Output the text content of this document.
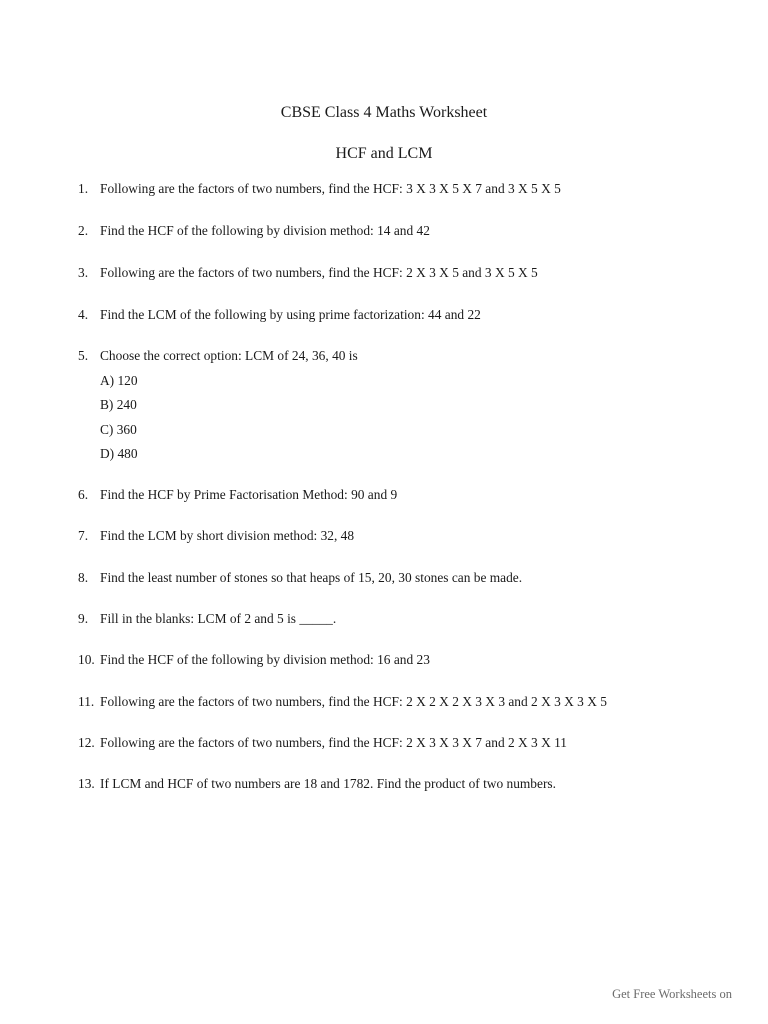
CBSE Class 4 Maths Worksheet
HCF and LCM
1. Following are the factors of two numbers, find the HCF: 3 X 3 X 5 X 7 and 3 X 5 X 5
2. Find the HCF of the following by division method: 14 and 42
3. Following are the factors of two numbers, find the HCF: 2 X 3 X 5 and 3 X 5 X 5
4. Find the LCM of the following by using prime factorization: 44 and 22
5. Choose the correct option: LCM of 24, 36, 40 is
A) 120
B) 240
C) 360
D) 480
6. Find the HCF by Prime Factorisation Method: 90 and 9
7. Find the LCM by short division method: 32, 48
8. Find the least number of stones so that heaps of 15, 20, 30 stones can be made.
9. Fill in the blanks: LCM of 2 and 5 is _____.
10. Find the HCF of the following by division method: 16 and 23
11. Following are the factors of two numbers, find the HCF: 2 X 2 X 2 X 3 X 3 and 2 X 3 X 3 X 5
12. Following are the factors of two numbers, find the HCF: 2 X 3 X 3 X 7 and 2 X 3 X 11
13. If LCM and HCF of two numbers are 18 and 1782. Find the product of two numbers.
Get Free Worksheets on
